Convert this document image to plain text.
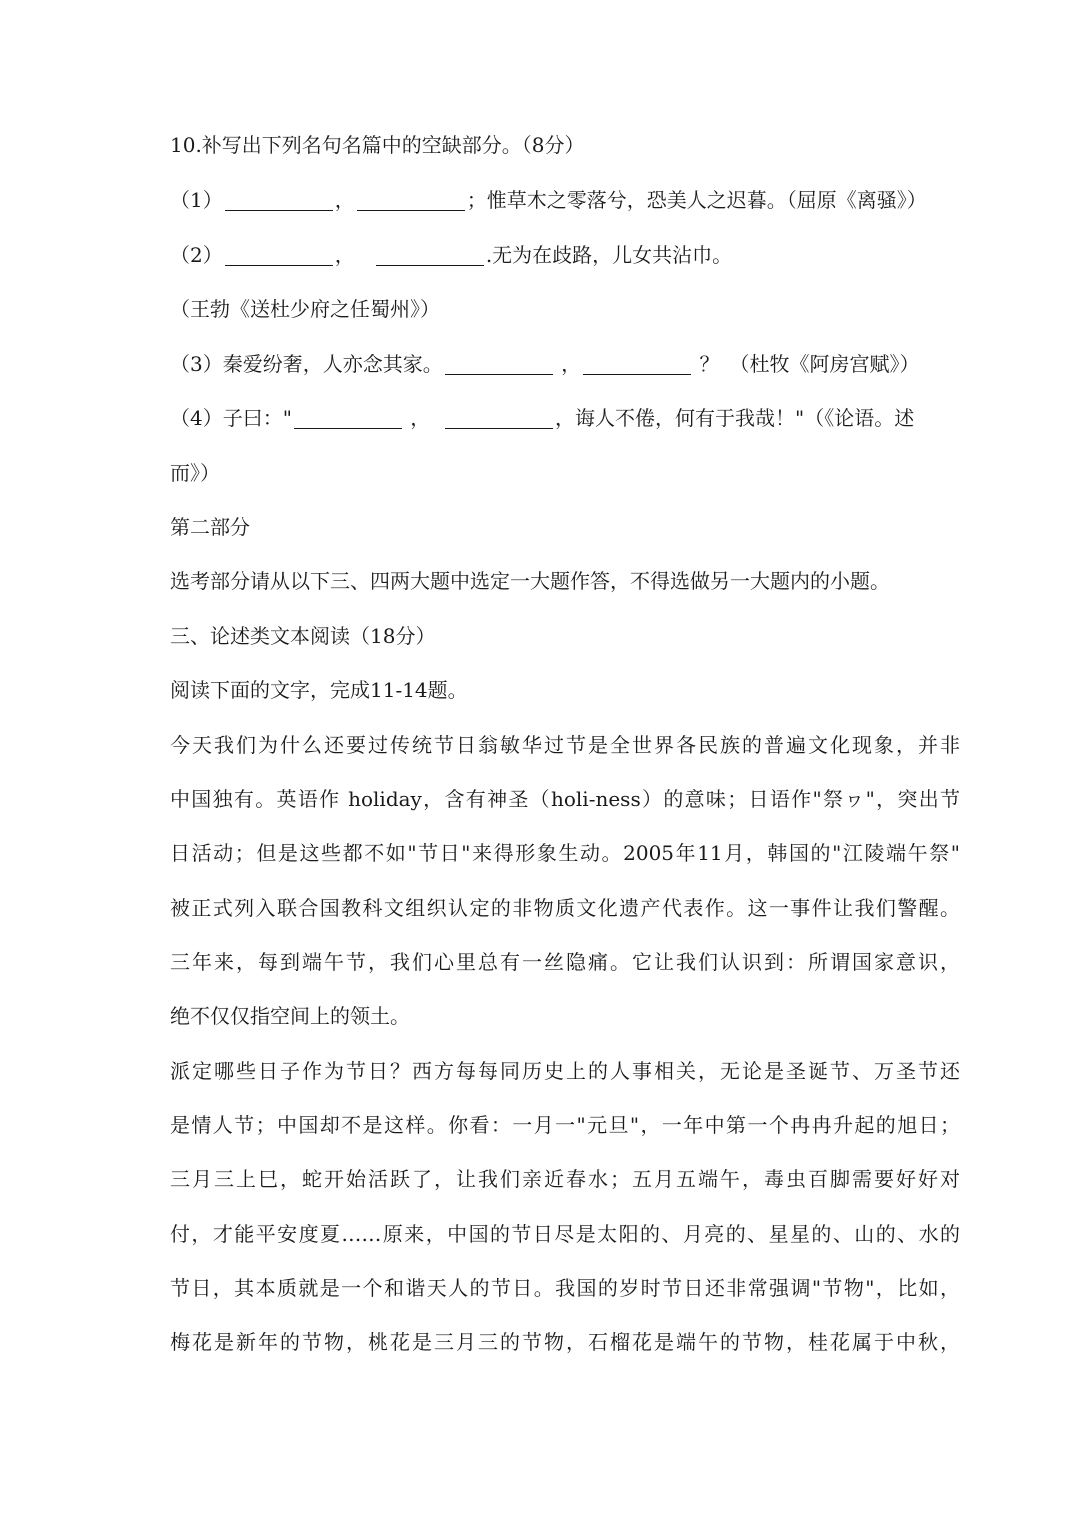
10.补写出下列名句名篇中的空缺部分。（8分）
（1）	，	；惟草木之零落兮，恐美人之迟暮。（屈原《离骚》）
（2）	，	.无为在歧路，儿女共沾巾。
（王勃《送杜少府之任蜀州》）
（3）秦爱纷奢，人亦念其家。	，	？　（杜牧《阿房宫赋》）
（4）子曰："	，	，诲人不倦，何有于我哉！"（《论语。述
而》）
第二部分
选考部分请从以下三、四两大题中选定一大题作答，不得选做另一大题内的小题。
三、论述类文本阅读（18分）
阅读下面的文字，完成11-14题。
今天我们为什么还要过传统节日翁敏华过节是全世界各民族的普遍文化现象，并非
中国独有。英语作 holiday，含有神圣（holi-ness）的意味；日语作"祭ヮ"，突出节
日活动；但是这些都不如"节日"来得形象生动。2005年11月，韩国的"江陵端午祭"
被正式列入联合国教科文组织认定的非物质文化遗产代表作。这一事件让我们警醒。
三年来，每到端午节，我们心里总有一丝隐痛。它让我们认识到：所谓国家意识，
绝不仅仅指空间上的领土。
派定哪些日子作为节日？西方每每同历史上的人事相关，无论是圣诞节、万圣节还
是情人节；中国却不是这样。你看：一月一"元旦"，一年中第一个冉冉升起的旭日；
三月三上巳，蛇开始活跃了，让我们亲近春水；五月五端午，毒虫百脚需要好好对
付，才能平安度夏……原来，中国的节日尽是太阳的、月亮的、星星的、山的、水的
节日，其本质就是一个和谐天人的节日。我国的岁时节日还非常强调"节物"，比如，
梅花是新年的节物，桃花是三月三的节物，石榴花是端午的节物，桂花属于中秋，
